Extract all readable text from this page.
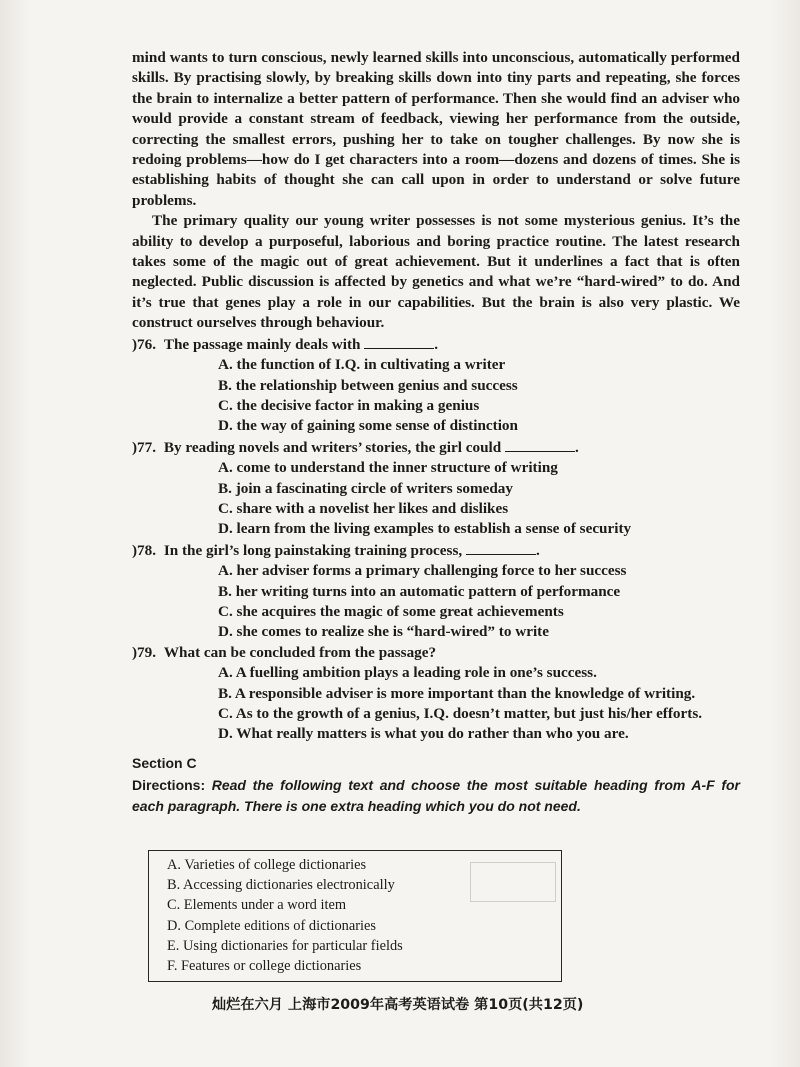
mind wants to turn conscious, newly learned skills into unconscious, automatically performed skills. By practising slowly, by breaking skills down into tiny parts and repeating, she forces the brain to internalize a better pattern of performance. Then she would find an adviser who would provide a constant stream of feedback, viewing her performance from the outside, correcting the smallest errors, pushing her to take on tougher challenges. By now she is redoing problems—how do I get characters into a room—dozens and dozens of times. She is establishing habits of thought she can call upon in order to understand or solve future problems.

The primary quality our young writer possesses is not some mysterious genius. It’s the ability to develop a purposeful, laborious and boring practice routine. The latest research takes some of the magic out of great achievement. But it underlines a fact that is often neglected. Public discussion is affected by genetics and what we’re “hard-wired” to do. And it’s true that genes play a role in our capabilities. But the brain is also very plastic. We construct ourselves through behaviour.

)76. The passage mainly deals with	.

A. the function of I.Q. in cultivating a writer

B. the relationship between genius and success

C. the decisive factor in making a genius

D. the way of gaining some sense of distinction

)77. By reading novels and writers’ stories, the girl could	.

A. come to understand the inner structure of writing

B. join a fascinating circle of writers someday

C. share with a novelist her likes and dislikes

D. learn from the living examples to establish a sense of security

)78. In the girl’s long painstaking training process,	.

A. her adviser forms a primary challenging force to her success

B. her writing turns into an automatic pattern of performance

C. she acquires the magic of some great achievements

D. she comes to realize she is “hard-wired” to write

)79. What can be concluded from the passage?

A. A fuelling ambition plays a leading role in one’s success.

B. A responsible adviser is more important than the knowledge of writing.

C. As to the growth of a genius, I.Q. doesn’t matter, but just his/her efforts.

D. What really matters is what you do rather than who you are.

Section C

Directions: Read the following text and choose the most suitable heading from A-F for each paragraph. There is one extra heading which you do not need.

A. Varieties of college dictionaries

B. Accessing dictionaries electronically

C. Elements under a word item

D. Complete editions of dictionaries

E. Using dictionaries for particular fields

F. Features or college dictionaries

灿烂在六月 上海市2009年高考英语试卷 第10页(共12页)
